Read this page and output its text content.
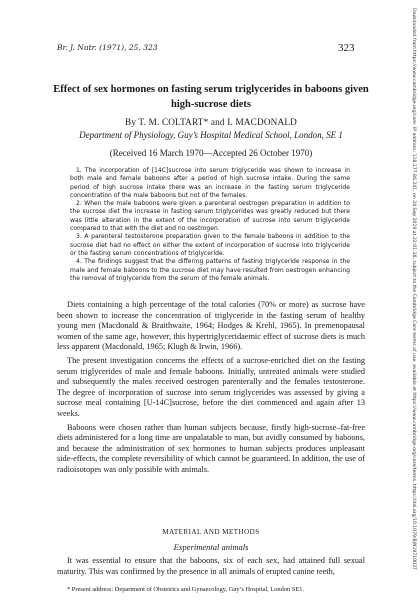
Br. J. Nutr. (1971), 25, 323	323
Effect of sex hormones on fasting serum triglycerides in baboons given high-sucrose diets
By T. M. COLTART* and I. MACDONALD
Department of Physiology, Guy’s Hospital Medical School, London, SE 1
(Received 16 March 1970—Accepted 26 October 1970)

1. The incorporation of [14C]sucrose into serum triglyceride was shown to increase in both male and female baboons after a period of high sucrose intake. During the same period of high sucrose intake there was an increase in the fasting serum triglyceride concentration of the male baboons but not of the females.

2. When the male baboons were given a parenteral oestrogen preparation in addition to the sucrose diet the increase in fasting serum triglycerides was greatly reduced but there was little alteration in the extent of the incorporation of sucrose into serum triglyceride compared to that with the diet and no oestrogen.

3. A parenteral testosterone preparation given to the female baboons in addition to the sucrose diet had no effect on either the extent of incorporation of sucrose into triglyceride or the fasting serum concentrations of triglyceride.

4. The findings suggest that the differing patterns of fasting triglyceride response in the male and female baboons to the sucrose diet may have resulted from oestrogen enhancing the removal of triglyceride from the serum of the female animals.

Diets containing a high percentage of the total calories (70% or more) as sucrose have been shown to increase the concentration of triglyceride in the fasting serum of healthy young men (Macdonald & Braithwaite, 1964; Hodges & Krehl, 1965). In premenopausal women of the same age, however, this hypertriglyceridaemic effect of sucrose diets is much less apparent (Macdonald, 1965; Klugh & Irwin, 1966).

The present investigation concerns the effects of a sucrose-enriched diet on the fasting serum triglycerides of male and female baboons. Initially, untreated animals were studied and subsequently the males received oestrogen parenterally and the females testosterone. The degree of incorporation of sucrose into serum triglycerides was assessed by giving a sucrose meal containing [U-14C]sucrose, before the diet commenced and again after 13 weeks.

Baboons were chosen rather than human subjects because, firstly high-sucrose–fat-free diets administered for a long time are unpalatable to man, but avidly consumed by baboons, and because the administration of sex hormones to human subjects produces unpleasant side-effects, the complete reversibility of which cannot be guaranteed. In addition, the use of radioisotopes was only possible with animals.

MATERIAL AND METHODS
Experimental animals

It was essential to ensure that the baboons, six of each sex, had attained full sexual maturity. This was confirmed by the presence in all animals of erupted canine teeth,

* Present address: Department of Obstetrics and Gynaecology, Guy’s Hospital, London SE1.
Downloaded from https://www.cambridge.org/core. IP address: 118.177.86.241, on 24 Sep 2019 at 22:01:38, subject to the Cambridge Core terms of use, available at https://www.cambridge.org/core/terms. https://doi.org/10.1079/BJN19710037
